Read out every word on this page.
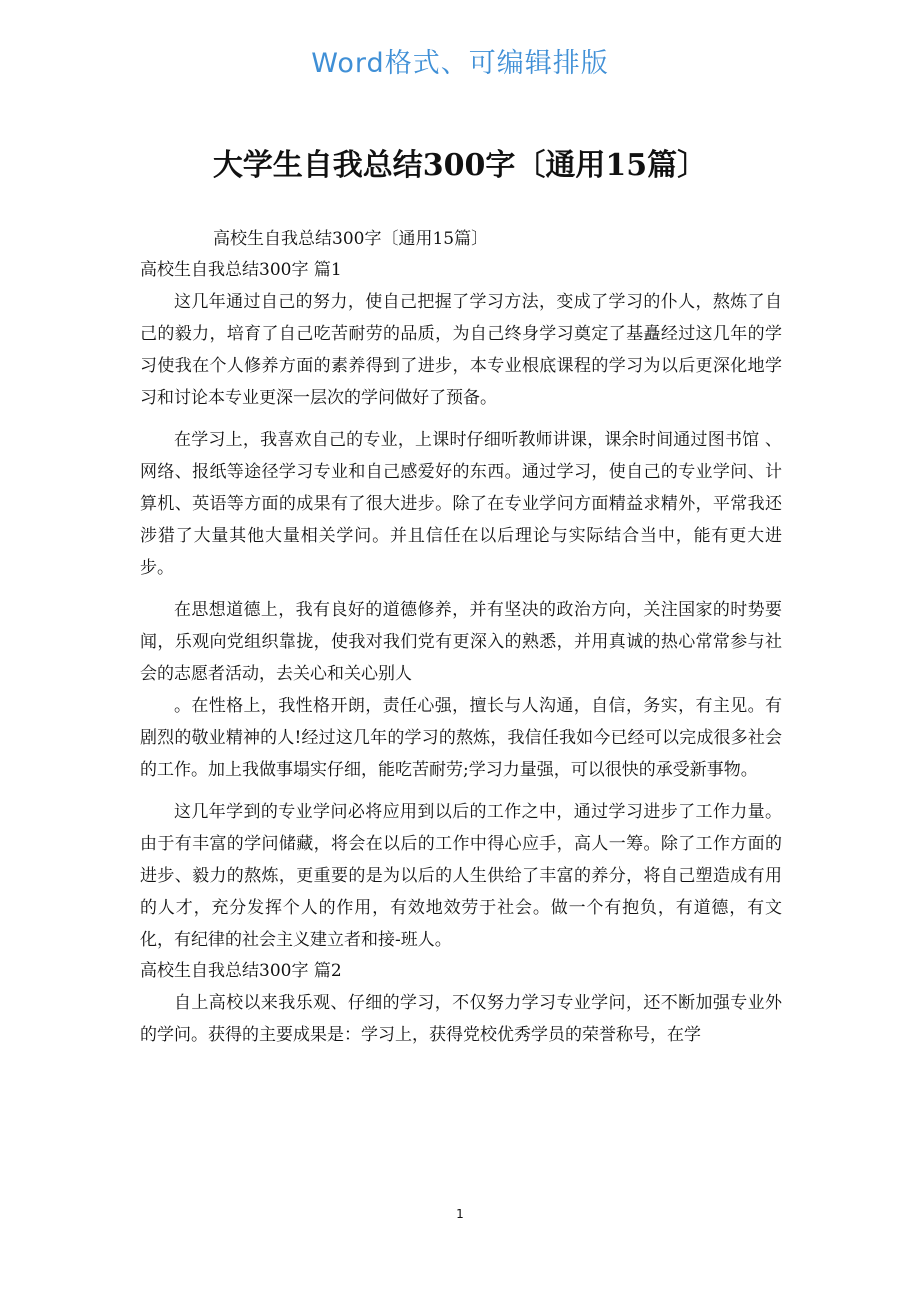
Word格式、可编辑排版
大学生自我总结300字〔通用15篇〕

高校生自我总结300字〔通用15篇〕

高校生自我总结300字 篇1

这几年通过自己的努力，使自己把握了学习方法，变成了学习的仆人，熬炼了自己的毅力，培育了自己吃苦耐劳的品质，为自己终身学习奠定了基矗经过这几年的学习使我在个人修养方面的素养得到了进步，本专业根底课程的学习为以后更深化地学习和讨论本专业更深一层次的学问做好了预备。

在学习上，我喜欢自己的专业，上课时仔细听教师讲课，课余时间通过图书馆 、网络、报纸等途径学习专业和自己感爱好的东西。通过学习，使自己的专业学问、计算机、英语等方面的成果有了很大进步。除了在专业学问方面精益求精外，平常我还涉猎了大量其他大量相关学问。并且信任在以后理论与实际结合当中，能有更大进步。

在思想道德上，我有良好的道德修养，并有坚决的政治方向，关注国家的时势要闻，乐观向党组织靠拢，使我对我们党有更深入的熟悉，并用真诚的热心常常参与社会的志愿者活动，去关心和关心别人

。在性格上，我性格开朗，责任心强，擅长与人沟通，自信，务实，有主见。有剧烈的敬业精神的人!经过这几年的学习的熬炼，我信任我如今已经可以完成很多社会的工作。加上我做事塌实仔细，能吃苦耐劳;学习力量强，可以很快的承受新事物。

这几年学到的专业学问必将应用到以后的工作之中，通过学习进步了工作力量。由于有丰富的学问储藏，将会在以后的工作中得心应手，高人一筹。除了工作方面的进步、毅力的熬炼，更重要的是为以后的人生供给了丰富的养分，将自己塑造成有用的人才，充分发挥个人的作用，有效地效劳于社会。做一个有抱负，有道德，有文化，有纪律的社会主义建立者和接-班人。

高校生自我总结300字 篇2

自上高校以来我乐观、仔细的学习，不仅努力学习专业学问，还不断加强专业外的学问。获得的主要成果是：学习上，获得党校优秀学员的荣誉称号，在学

1
